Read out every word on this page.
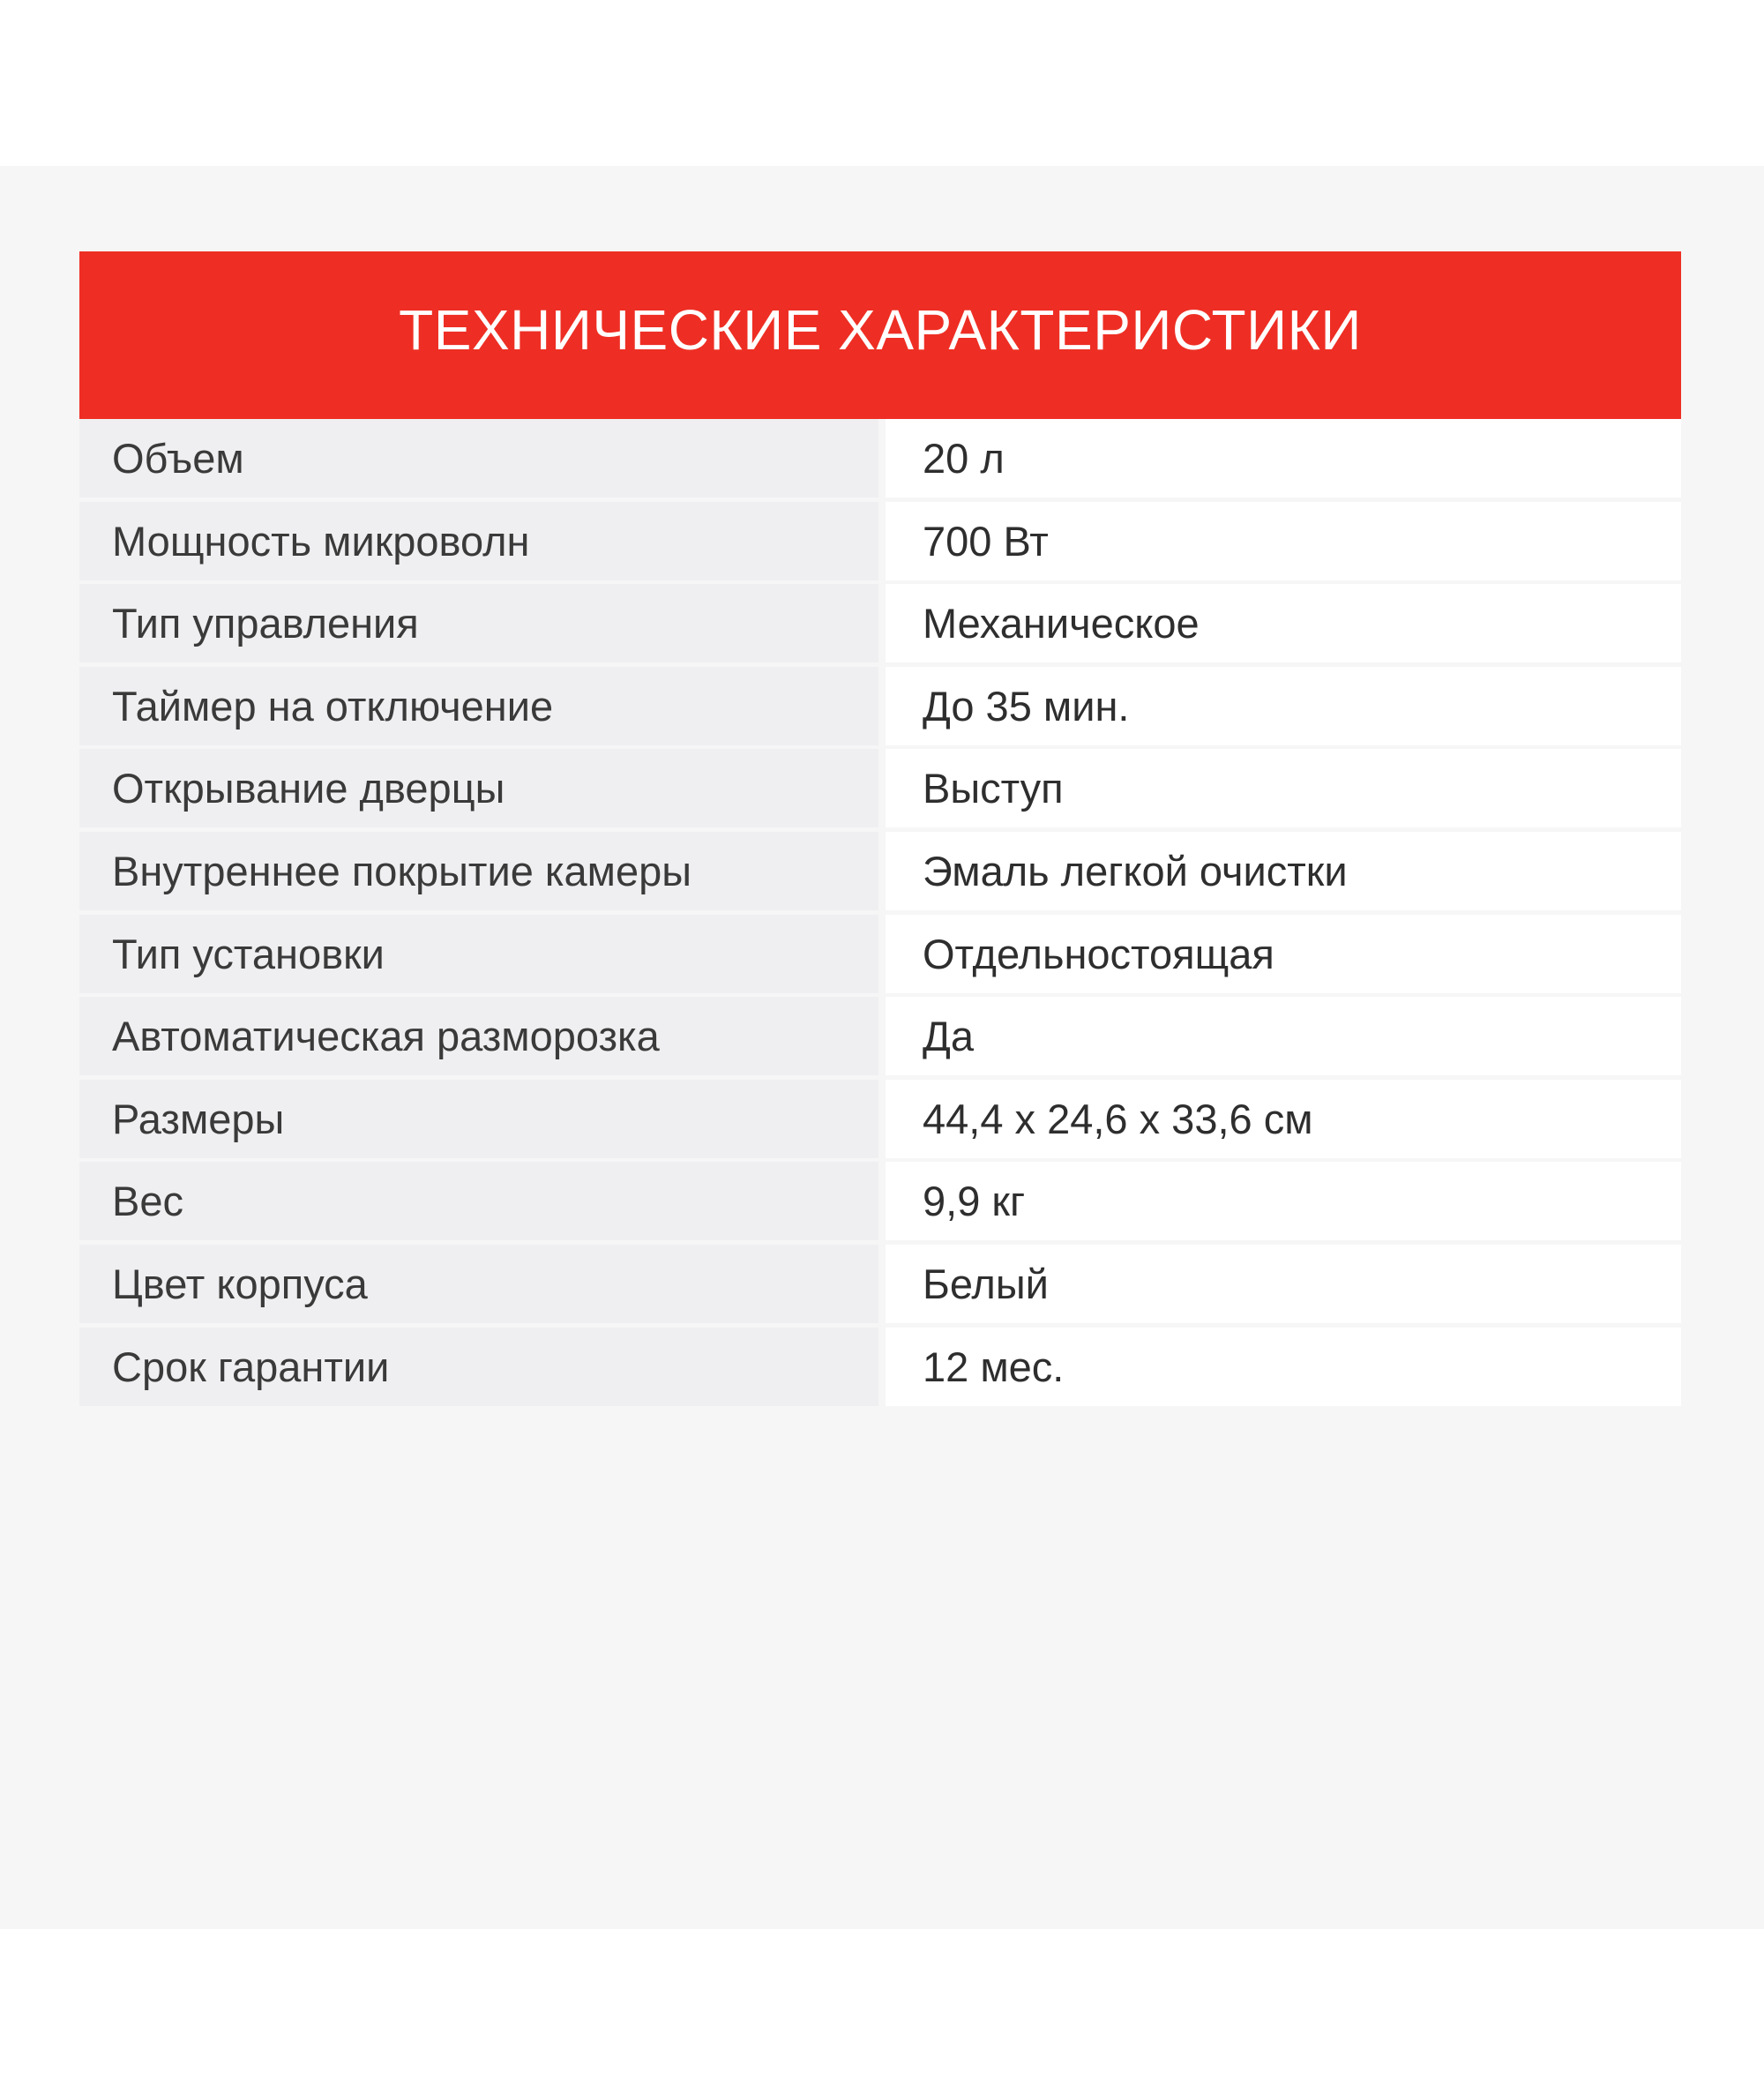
ТЕХНИЧЕСКИЕ ХАРАКТЕРИСТИКИ
Объем	20 л
Мощность микроволн	700 Вт
Тип управления	Механическое
Таймер на отключение	До 35 мин.
Открывание дверцы	Выступ
Внутреннее покрытие камеры	Эмаль легкой очистки
Тип установки	Отдельностоящая
Автоматическая разморозка	Да
Размеры	44,4 х 24,6 х 33,6 см
Вес	9,9 кг
Цвет корпуса	Белый
Срок гарантии	12 мес.
